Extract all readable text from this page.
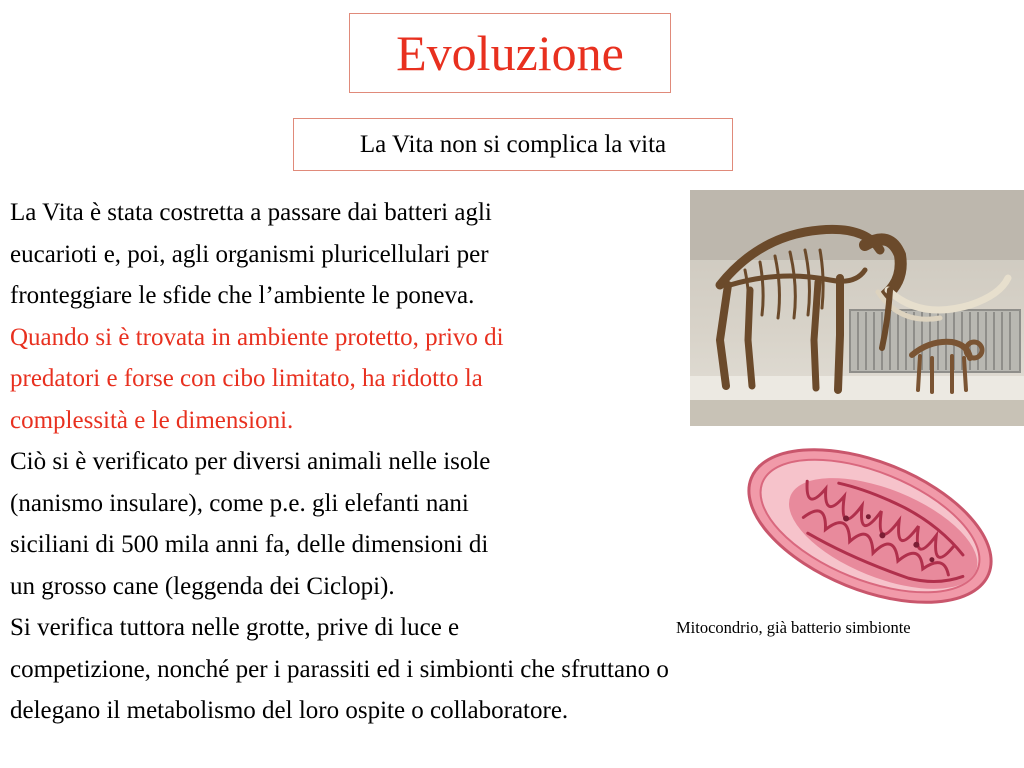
Evoluzione
La Vita non si complica la vita
La Vita è stata costretta a passare dai batteri agli
eucarioti e, poi, agli organismi pluricellulari per
fronteggiare le sfide che l’ambiente le poneva.
Quando si è trovata in ambiente protetto, privo di
predatori e forse con cibo limitato, ha ridotto la
complessità e le dimensioni.
Ciò si è verificato per diversi animali nelle isole
(nanismo insulare), come p.e. gli elefanti nani
siciliani di 500 mila anni fa, delle dimensioni di
un grosso cane (leggenda dei Ciclopi).
Si verifica tuttora nelle grotte, prive di luce e
competizione, nonché per i parassiti ed i simbionti che sfruttano o
delegano il metabolismo del loro ospite o collaboratore.
Mitocondrio, già batterio simbionte
